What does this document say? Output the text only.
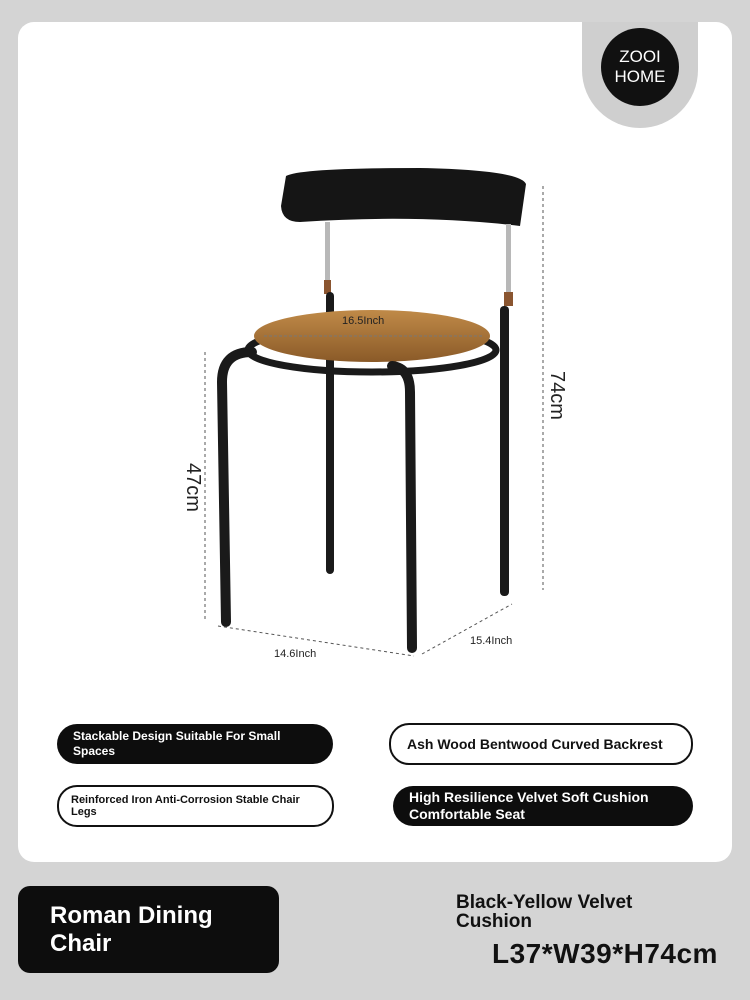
ZOOI
HOME
16.5Inch
74cm
47cm
14.6Inch
15.4Inch
Stackable Design Suitable For Small Spaces	Ash Wood Bentwood Curved Backrest
Reinforced Iron Anti-Corrosion Stable Chair Legs
High Resilience Velvet Soft Cushion Comfortable Seat
Roman Dining Chair
Black-Yellow Velvet Cushion
L37*W39*H74cm
